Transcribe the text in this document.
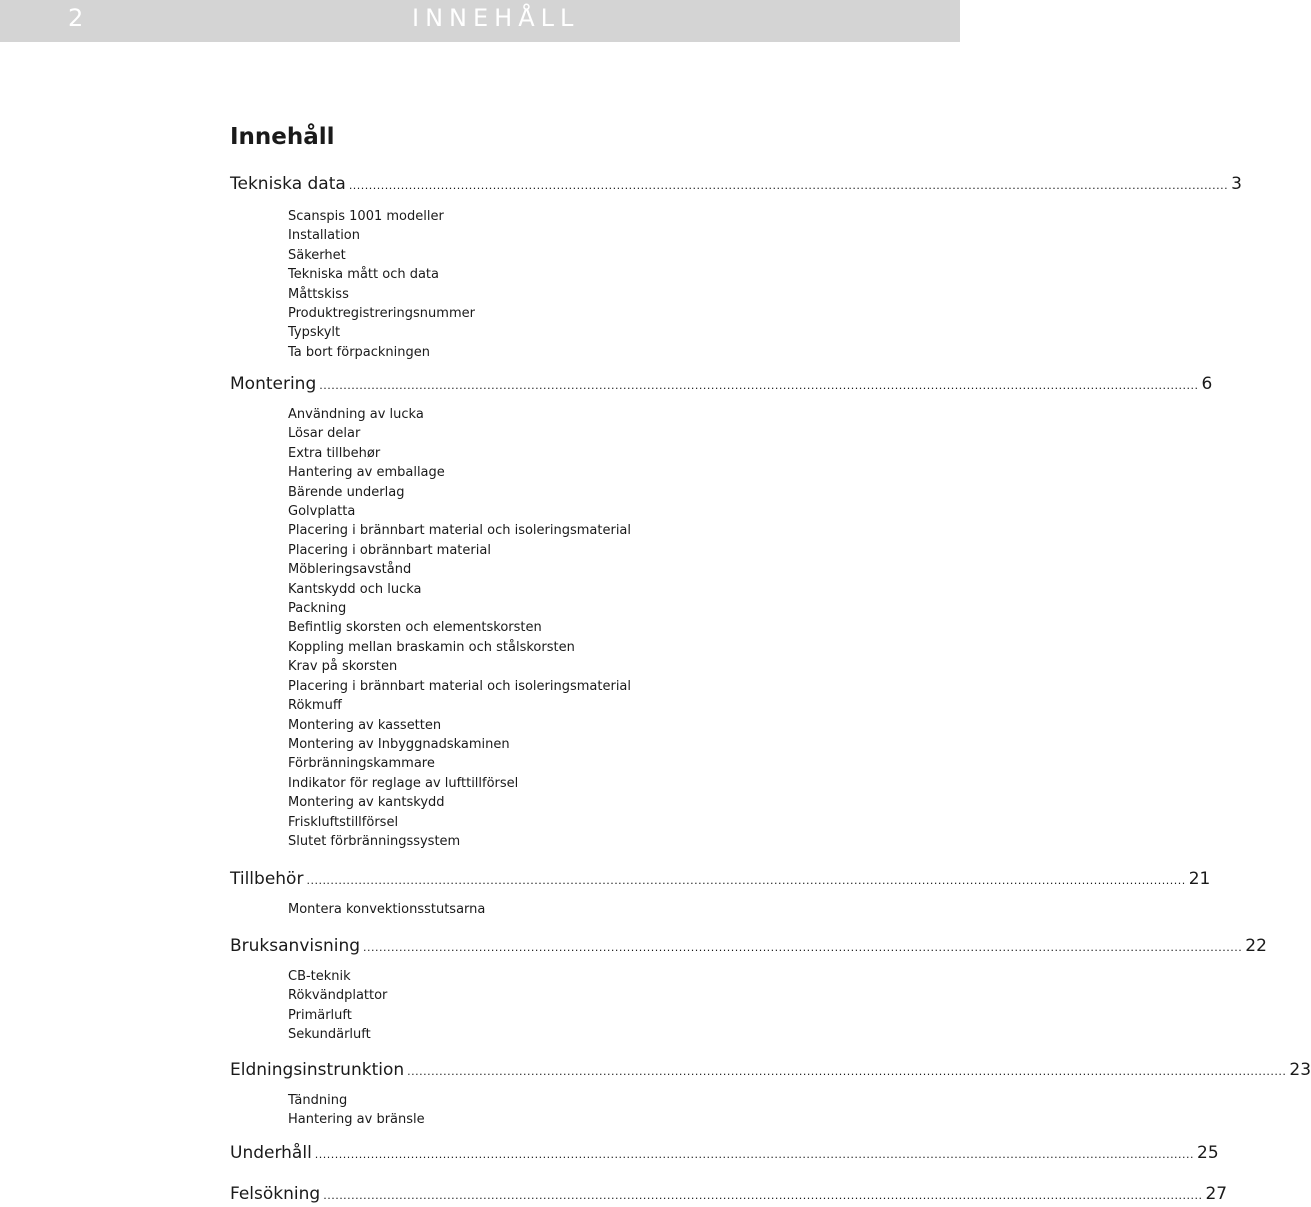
2	INNEHÅLL
Innehåll
Tekniska data ............................................................................................................................................................................................................................ 3
Scanspis 1001 modeller
Installation
Säkerhet
Tekniska mått och data
Måttskiss
Produktregistreringsnummer
Typskylt
Ta bort förpackningen
Montering ............................................................................................................................................................................................................................ 6
Användning av lucka
Lösar delar
Extra tillbehør
Hantering av emballage
Bärende underlag
Golvplatta
Placering i brännbart material och isoleringsmaterial
Placering i obrännbart material
Möbleringsavstånd
Kantskydd och lucka
Packning
Befintlig skorsten och elementskorsten
Koppling mellan braskamin och stålskorsten
Krav på skorsten
Placering i brännbart material och isoleringsmaterial
Rökmuff
Montering av kassetten
Montering av Inbyggnadskaminen
Förbränningskammare
Indikator för reglage av lufttillförsel
Montering av kantskydd
Friskluftstillförsel
Slutet förbränningssystem
Tillbehör ............................................................................................................................................................................................................................ 21
Montera konvektionsstutsarna
Bruksanvisning ............................................................................................................................................................................................................................ 22
CB-teknik
Rökvändplattor
Primärluft
Sekundärluft
Eldningsinstrunktion ............................................................................................................................................................................................................................ 23
Tändning
Hantering av bränsle
Underhåll ............................................................................................................................................................................................................................ 25
Felsökning ............................................................................................................................................................................................................................ 27
